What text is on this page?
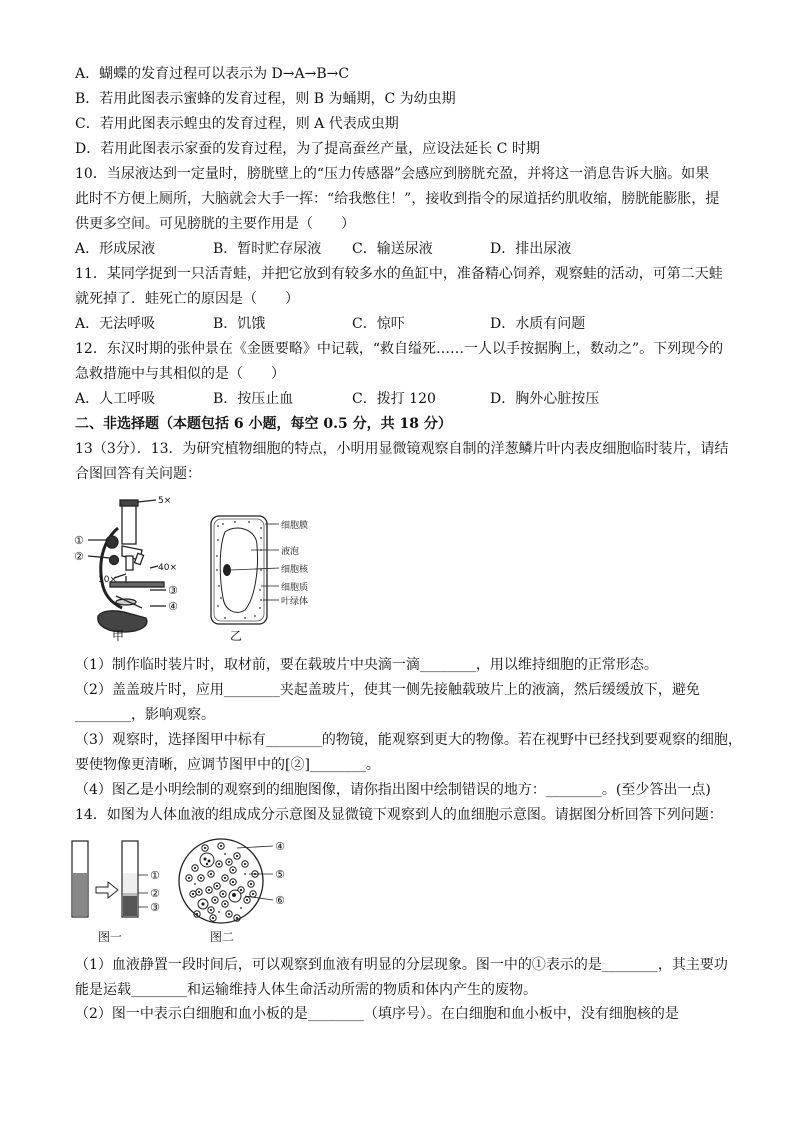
A．蝴蝶的发育过程可以表示为 D→A→B→C
B．若用此图表示蜜蜂的发育过程，则 B 为蛹期，C 为幼虫期
C．若用此图表示蝗虫的发育过程，则 A 代表成虫期
D．若用此图表示家蚕的发育过程，为了提高蚕丝产量，应设法延长 C 时期
10．当尿液达到一定量时，膀胱壁上的“压力传感器”会感应到膀胱充盈，并将这一消息告诉大脑。如果
此时不方便上厕所，大脑就会大手一挥：“给我憋住！”，接收到指令的尿道括约肌收缩，膀胱能膨胀，提
供更多空间。可见膀胱的主要作用是（　　）
A．形成尿液	B．暂时贮存尿液 C．输送尿液	D．排出尿液
11．某同学捉到一只活青蛙，并把它放到有较多水的鱼缸中，准备精心饲养，观察蛙的活动，可第二天蛙
就死掉了．蛙死亡的原因是（　　）
A．无法呼吸	B．饥饿	C．惊吓	D．水质有问题
12．东汉时期的张仲景在《金匮要略》中记载，“救自缢死……一人以手按据胸上，数动之”。下列现今的
急救措施中与其相似的是（　　）
A．人工呼吸	B．按压止血	C．拨打 120	D．胸外心脏按压
二、非选择题（本题包括 6 小题，每空 0.5 分，共 18 分）
13（3分）．13．为研究植物细胞的特点，小明用显微镜观察自制的洋葱鳞片叶内表皮细胞临时装片，请结
合图回答有关问题：
5×
①
②
40×
10×
③
④
甲
细胞膜
液泡
细胞核
细胞质
叶绿体
乙
（1）制作临时装片时，取材前，要在载玻片中央滴一滴________，用以维持细胞的正常形态。
（2）盖盖玻片时，应用________夹起盖玻片，使其一侧先接触载玻片上的液滴，然后缓缓放下，避免
________，影响观察。
（3）观察时，选择图甲中标有________的物镜，能观察到更大的物像。若在视野中已经找到要观察的细胞，
要使物像更清晰，应调节图甲中的[②]________。
（4）图乙是小明绘制的观察到的细胞图像，请你指出图中绘制错误的地方：________。(至少答出一点)
14．如图为人体血液的组成成分示意图及显微镜下观察到人的血细胞示意图。请据图分析回答下列问题：
①
②
③
图一
④
⑤
⑥
图二
（1）血液静置一段时间后，可以观察到血液有明显的分层现象。图一中的①表示的是________，其主要功
能是运载________和运输维持人体生命活动所需的物质和体内产生的废物。
（2）图一中表示白细胞和血小板的是________（填序号）。在白细胞和血小板中，没有细胞核的是
